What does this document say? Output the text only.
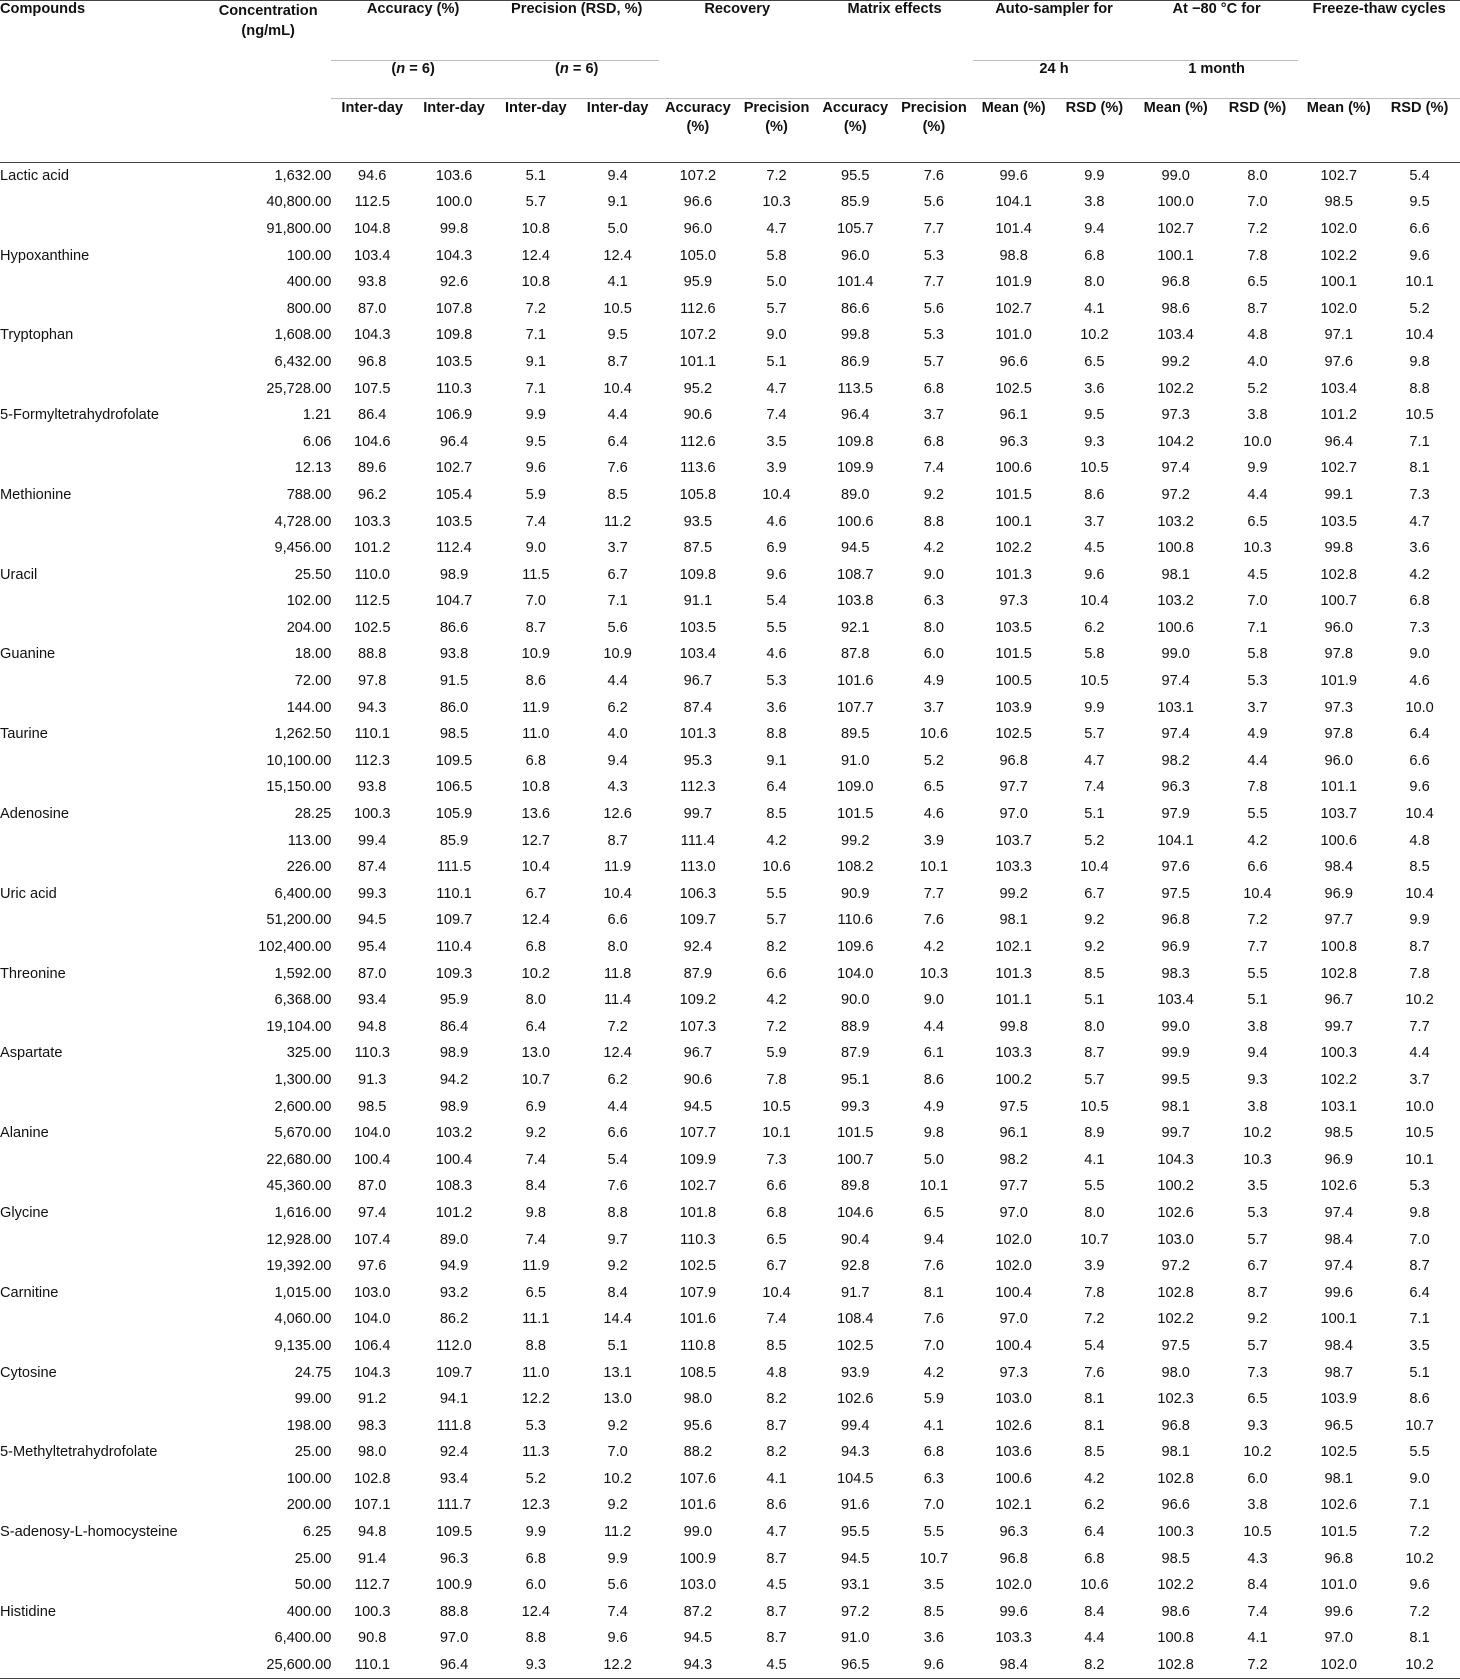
Compounds	Concentration (ng/mL)	Accuracy (%)		Precision (RSD, %)		Recovery		Matrix effects		Auto-sampler for		At −80 °C for		Freeze-thaw cycles	
		(n = 6)		(n = 6)						24 h		1 month			
		Inter-day	Inter-day	Inter-day	Inter-day	Accuracy (%)	Precision (%)	Accuracy (%)	Precision (%)	Mean (%)	RSD (%)	Mean (%)	RSD (%)	Mean (%)	RSD (%)
Lactic acid	1,632.00	94.6	103.6	5.1	9.4	107.2	7.2	95.5	7.6	99.6	9.9	99.0	8.0	102.7	5.4
	40,800.00	112.5	100.0	5.7	9.1	96.6	10.3	85.9	5.6	104.1	3.8	100.0	7.0	98.5	9.5
	91,800.00	104.8	99.8	10.8	5.0	96.0	4.7	105.7	7.7	101.4	9.4	102.7	7.2	102.0	6.6
Hypoxanthine	100.00	103.4	104.3	12.4	12.4	105.0	5.8	96.0	5.3	98.8	6.8	100.1	7.8	102.2	9.6
	400.00	93.8	92.6	10.8	4.1	95.9	5.0	101.4	7.7	101.9	8.0	96.8	6.5	100.1	10.1
	800.00	87.0	107.8	7.2	10.5	112.6	5.7	86.6	5.6	102.7	4.1	98.6	8.7	102.0	5.2
Tryptophan	1,608.00	104.3	109.8	7.1	9.5	107.2	9.0	99.8	5.3	101.0	10.2	103.4	4.8	97.1	10.4
	6,432.00	96.8	103.5	9.1	8.7	101.1	5.1	86.9	5.7	96.6	6.5	99.2	4.0	97.6	9.8
	25,728.00	107.5	110.3	7.1	10.4	95.2	4.7	113.5	6.8	102.5	3.6	102.2	5.2	103.4	8.8
5-Formyltetrahydrofolate	1.21	86.4	106.9	9.9	4.4	90.6	7.4	96.4	3.7	96.1	9.5	97.3	3.8	101.2	10.5
	6.06	104.6	96.4	9.5	6.4	112.6	3.5	109.8	6.8	96.3	9.3	104.2	10.0	96.4	7.1
	12.13	89.6	102.7	9.6	7.6	113.6	3.9	109.9	7.4	100.6	10.5	97.4	9.9	102.7	8.1
Methionine	788.00	96.2	105.4	5.9	8.5	105.8	10.4	89.0	9.2	101.5	8.6	97.2	4.4	99.1	7.3
	4,728.00	103.3	103.5	7.4	11.2	93.5	4.6	100.6	8.8	100.1	3.7	103.2	6.5	103.5	4.7
	9,456.00	101.2	112.4	9.0	3.7	87.5	6.9	94.5	4.2	102.2	4.5	100.8	10.3	99.8	3.6
Uracil	25.50	110.0	98.9	11.5	6.7	109.8	9.6	108.7	9.0	101.3	9.6	98.1	4.5	102.8	4.2
	102.00	112.5	104.7	7.0	7.1	91.1	5.4	103.8	6.3	97.3	10.4	103.2	7.0	100.7	6.8
	204.00	102.5	86.6	8.7	5.6	103.5	5.5	92.1	8.0	103.5	6.2	100.6	7.1	96.0	7.3
Guanine	18.00	88.8	93.8	10.9	10.9	103.4	4.6	87.8	6.0	101.5	5.8	99.0	5.8	97.8	9.0
	72.00	97.8	91.5	8.6	4.4	96.7	5.3	101.6	4.9	100.5	10.5	97.4	5.3	101.9	4.6
	144.00	94.3	86.0	11.9	6.2	87.4	3.6	107.7	3.7	103.9	9.9	103.1	3.7	97.3	10.0
Taurine	1,262.50	110.1	98.5	11.0	4.0	101.3	8.8	89.5	10.6	102.5	5.7	97.4	4.9	97.8	6.4
	10,100.00	112.3	109.5	6.8	9.4	95.3	9.1	91.0	5.2	96.8	4.7	98.2	4.4	96.0	6.6
	15,150.00	93.8	106.5	10.8	4.3	112.3	6.4	109.0	6.5	97.7	7.4	96.3	7.8	101.1	9.6
Adenosine	28.25	100.3	105.9	13.6	12.6	99.7	8.5	101.5	4.6	97.0	5.1	97.9	5.5	103.7	10.4
	113.00	99.4	85.9	12.7	8.7	111.4	4.2	99.2	3.9	103.7	5.2	104.1	4.2	100.6	4.8
	226.00	87.4	111.5	10.4	11.9	113.0	10.6	108.2	10.1	103.3	10.4	97.6	6.6	98.4	8.5
Uric acid	6,400.00	99.3	110.1	6.7	10.4	106.3	5.5	90.9	7.7	99.2	6.7	97.5	10.4	96.9	10.4
	51,200.00	94.5	109.7	12.4	6.6	109.7	5.7	110.6	7.6	98.1	9.2	96.8	7.2	97.7	9.9
	102,400.00	95.4	110.4	6.8	8.0	92.4	8.2	109.6	4.2	102.1	9.2	96.9	7.7	100.8	8.7
Threonine	1,592.00	87.0	109.3	10.2	11.8	87.9	6.6	104.0	10.3	101.3	8.5	98.3	5.5	102.8	7.8
	6,368.00	93.4	95.9	8.0	11.4	109.2	4.2	90.0	9.0	101.1	5.1	103.4	5.1	96.7	10.2
	19,104.00	94.8	86.4	6.4	7.2	107.3	7.2	88.9	4.4	99.8	8.0	99.0	3.8	99.7	7.7
Aspartate	325.00	110.3	98.9	13.0	12.4	96.7	5.9	87.9	6.1	103.3	8.7	99.9	9.4	100.3	4.4
	1,300.00	91.3	94.2	10.7	6.2	90.6	7.8	95.1	8.6	100.2	5.7	99.5	9.3	102.2	3.7
	2,600.00	98.5	98.9	6.9	4.4	94.5	10.5	99.3	4.9	97.5	10.5	98.1	3.8	103.1	10.0
Alanine	5,670.00	104.0	103.2	9.2	6.6	107.7	10.1	101.5	9.8	96.1	8.9	99.7	10.2	98.5	10.5
	22,680.00	100.4	100.4	7.4	5.4	109.9	7.3	100.7	5.0	98.2	4.1	104.3	10.3	96.9	10.1
	45,360.00	87.0	108.3	8.4	7.6	102.7	6.6	89.8	10.1	97.7	5.5	100.2	3.5	102.6	5.3
Glycine	1,616.00	97.4	101.2	9.8	8.8	101.8	6.8	104.6	6.5	97.0	8.0	102.6	5.3	97.4	9.8
	12,928.00	107.4	89.0	7.4	9.7	110.3	6.5	90.4	9.4	102.0	10.7	103.0	5.7	98.4	7.0
	19,392.00	97.6	94.9	11.9	9.2	102.5	6.7	92.8	7.6	102.0	3.9	97.2	6.7	97.4	8.7
Carnitine	1,015.00	103.0	93.2	6.5	8.4	107.9	10.4	91.7	8.1	100.4	7.8	102.8	8.7	99.6	6.4
	4,060.00	104.0	86.2	11.1	14.4	101.6	7.4	108.4	7.6	97.0	7.2	102.2	9.2	100.1	7.1
	9,135.00	106.4	112.0	8.8	5.1	110.8	8.5	102.5	7.0	100.4	5.4	97.5	5.7	98.4	3.5
Cytosine	24.75	104.3	109.7	11.0	13.1	108.5	4.8	93.9	4.2	97.3	7.6	98.0	7.3	98.7	5.1
	99.00	91.2	94.1	12.2	13.0	98.0	8.2	102.6	5.9	103.0	8.1	102.3	6.5	103.9	8.6
	198.00	98.3	111.8	5.3	9.2	95.6	8.7	99.4	4.1	102.6	8.1	96.8	9.3	96.5	10.7
5-Methyltetrahydrofolate	25.00	98.0	92.4	11.3	7.0	88.2	8.2	94.3	6.8	103.6	8.5	98.1	10.2	102.5	5.5
	100.00	102.8	93.4	5.2	10.2	107.6	4.1	104.5	6.3	100.6	4.2	102.8	6.0	98.1	9.0
	200.00	107.1	111.7	12.3	9.2	101.6	8.6	91.6	7.0	102.1	6.2	96.6	3.8	102.6	7.1
S-adenosy-L-homocysteine	6.25	94.8	109.5	9.9	11.2	99.0	4.7	95.5	5.5	96.3	6.4	100.3	10.5	101.5	7.2
	25.00	91.4	96.3	6.8	9.9	100.9	8.7	94.5	10.7	96.8	6.8	98.5	4.3	96.8	10.2
	50.00	112.7	100.9	6.0	5.6	103.0	4.5	93.1	3.5	102.0	10.6	102.2	8.4	101.0	9.6
Histidine	400.00	100.3	88.8	12.4	7.4	87.2	8.7	97.2	8.5	99.6	8.4	98.6	7.4	99.6	7.2
	6,400.00	90.8	97.0	8.8	9.6	94.5	8.7	91.0	3.6	103.3	4.4	100.8	4.1	97.0	8.1
	25,600.00	110.1	96.4	9.3	12.2	94.3	4.5	96.5	9.6	98.4	8.2	102.8	7.2	102.0	10.2
